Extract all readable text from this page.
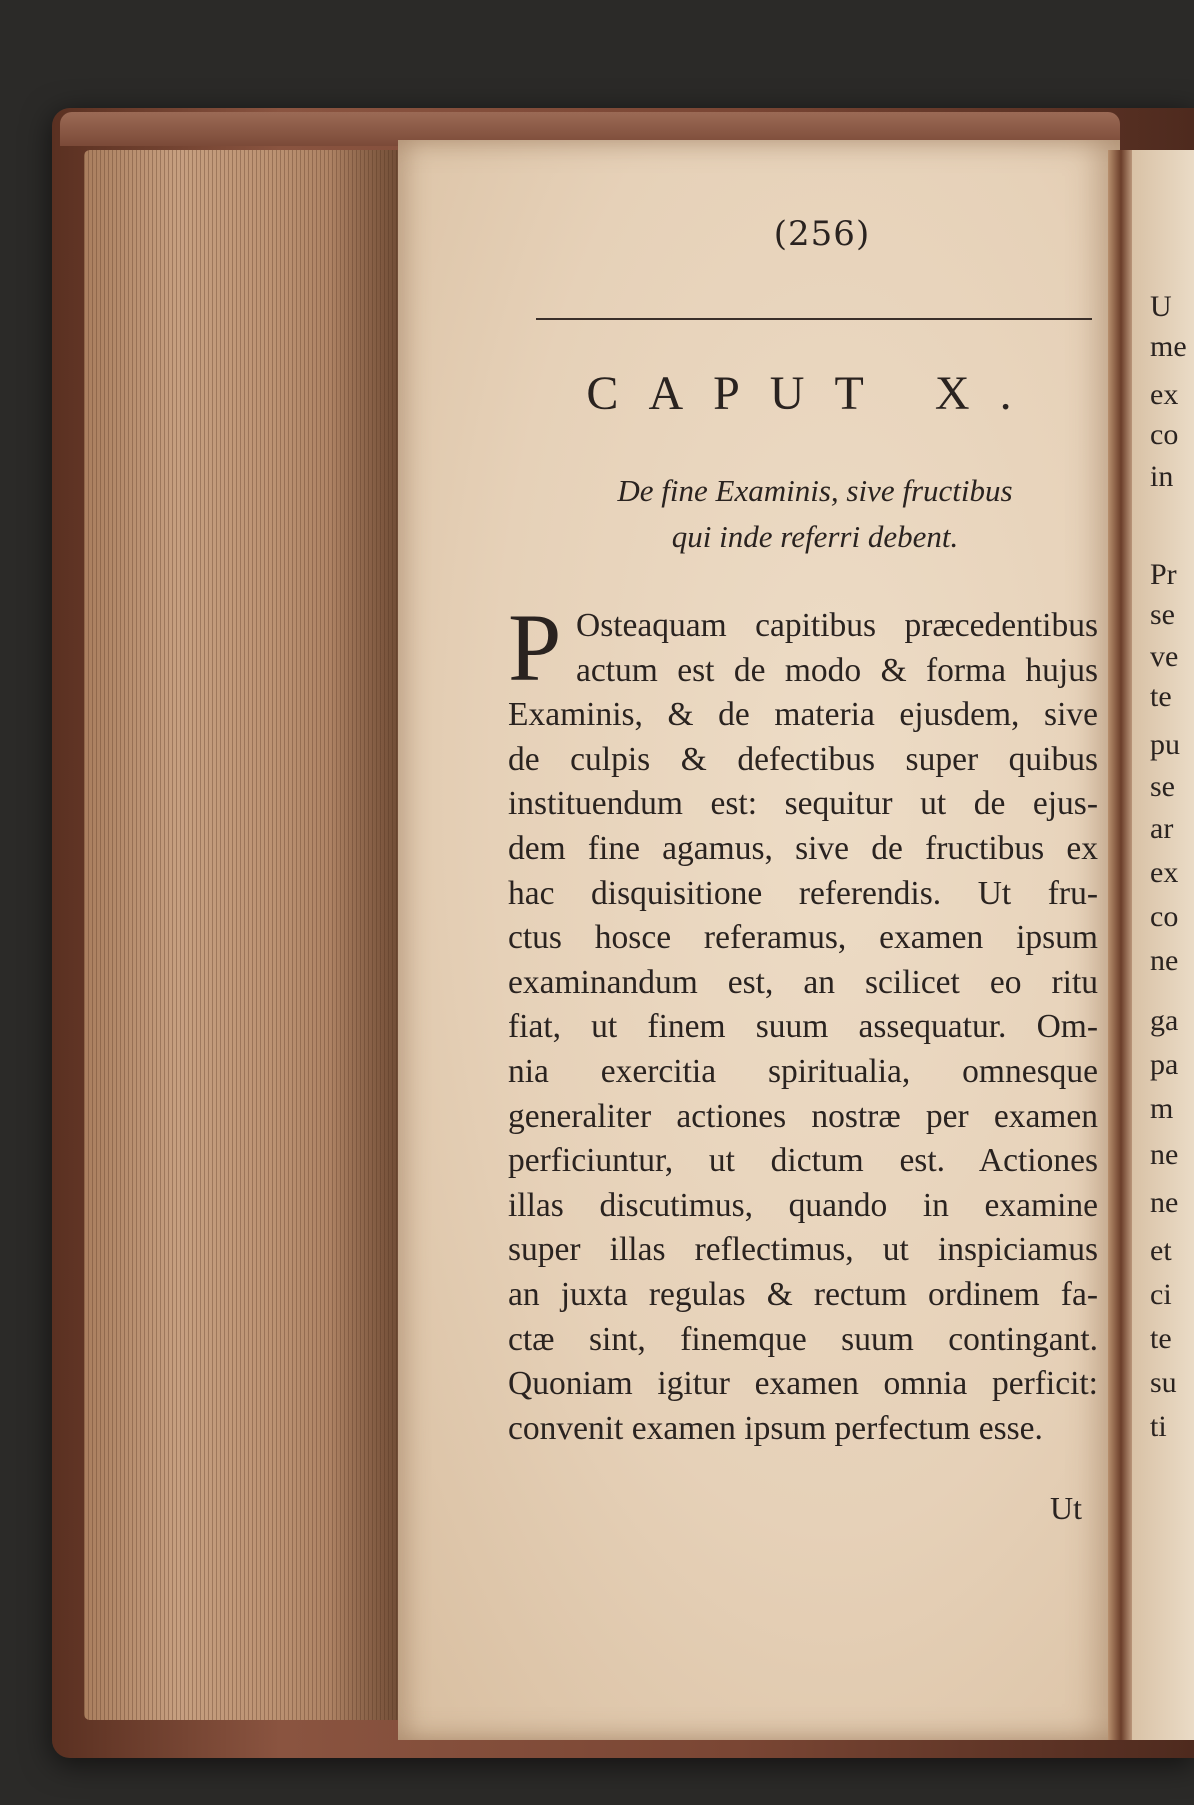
(256)
CAPUT X.
De fine Examinis, sive fructibus
qui inde referri debent.
P Osteaquam capitibus præcedentibus
actum est de modo & forma hujus
Examinis, & de materia ejusdem, sive
de culpis & defectibus super quibus
instituendum est: sequitur ut de ejus-
dem fine agamus, sive de fructibus ex
hac disquisitione referendis. Ut fru-
ctus hosce referamus, examen ipsum
examinandum est, an scilicet eo ritu
fiat, ut finem suum assequatur. Om-
nia exercitia spiritualia, omnesque
generaliter actiones nostræ per examen
perficiuntur, ut dictum est. Actiones
illas discutimus, quando in examine
super illas reflectimus, ut inspiciamus
an juxta regulas & rectum ordinem fa-
ctæ sint, finemque suum contingant.
Quoniam igitur examen omnia perficit:
convenit examen ipsum perfectum esse.
Ut
U
me
ex
co
in
Pr
se
ve
te
pu
se
ar
ex
co
ne
ga
pa
m
ne
ne
et
ci
te
su
ti
